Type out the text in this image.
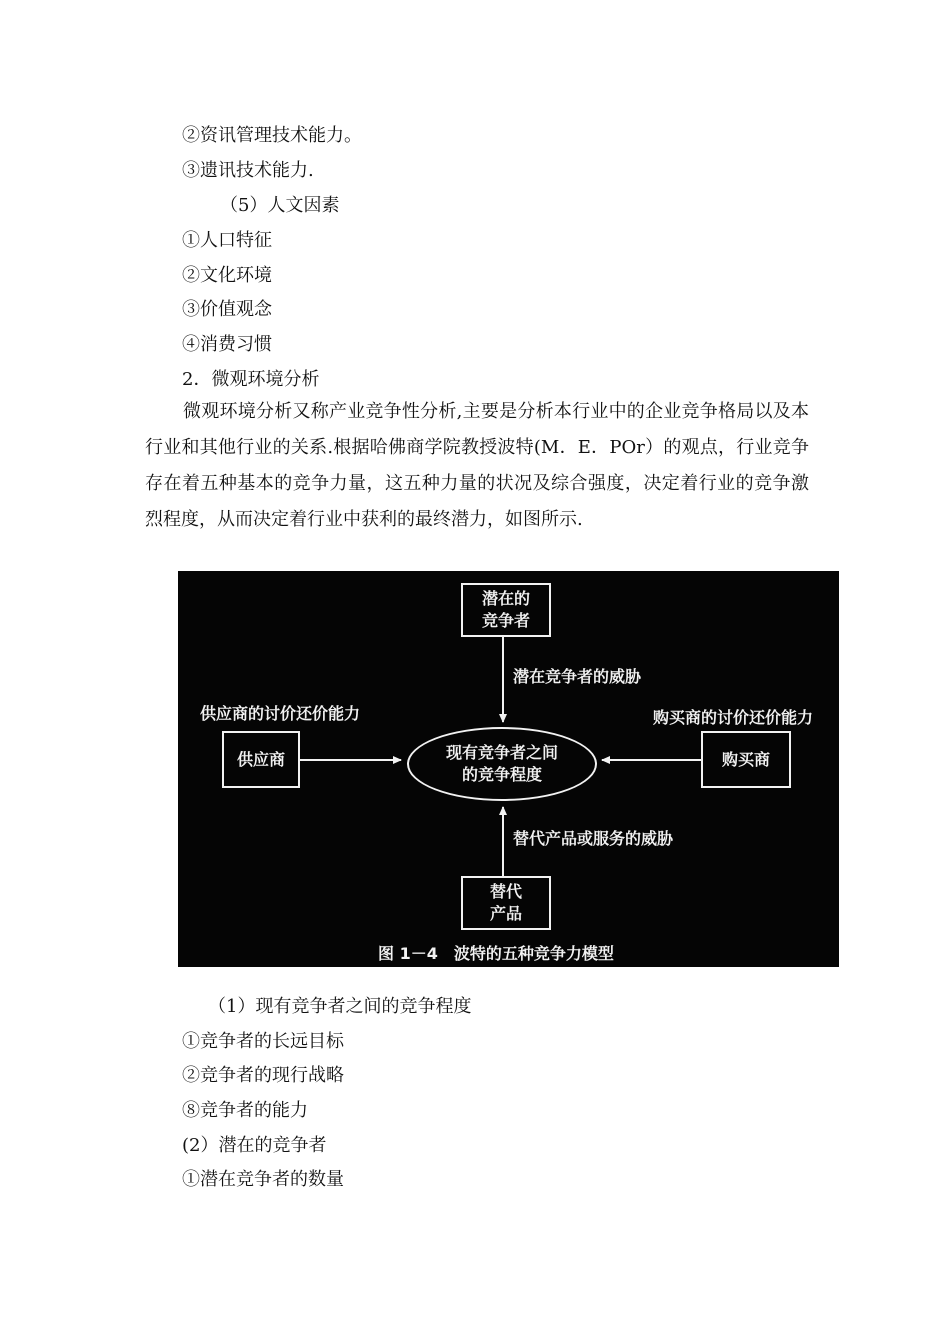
②资讯管理技术能力。
③遗讯技术能力.
（5）人文因素
①人口特征
②文化环境
③价值观念
④消费习惯
2．微观环境分析
微观环境分析又称产业竞争性分析,主要是分析本行业中的企业竞争格局以及本行业和其他行业的关系.根据哈佛商学院教授波特(M．E．POr）的观点，行业竞争存在着五种基本的竞争力量，这五种力量的状况及综合强度，决定着行业的竞争激烈程度，从而决定着行业中获利的最终潜力，如图所示.
潜在的
竞争者
潜在竞争者的威胁
供应商的讨价还价能力
供应商	现有竞争者之间
的竞争程度
购买商的讨价还价能力
购买商
替代产品或服务的威胁
替代
产品
图 1－4　波特的五种竞争力模型
（1）现有竞争者之间的竞争程度
①竞争者的长远目标
②竞争者的现行战略
⑧竞争者的能力
(2）潜在的竞争者
①潜在竞争者的数量
